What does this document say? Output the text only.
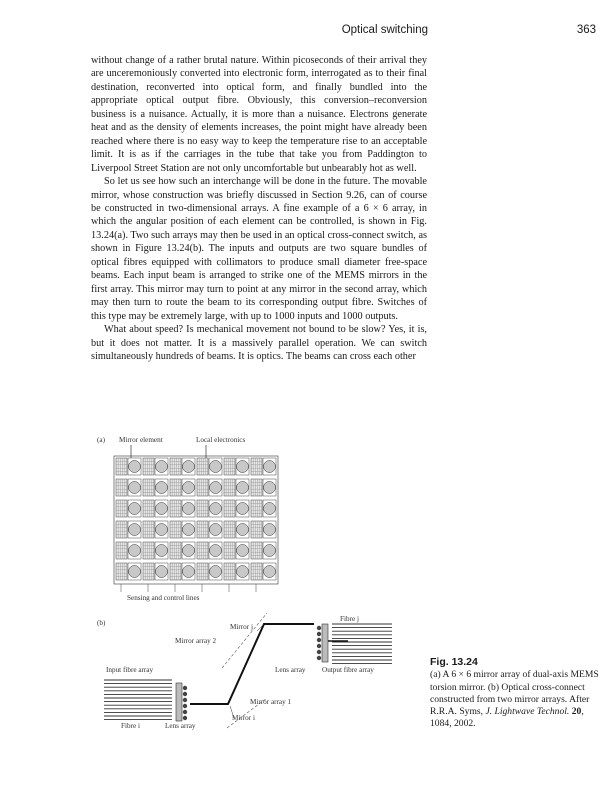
Optical switching	363

without change of a rather brutal nature. Within picoseconds of their arrival they are unceremoniously converted into electronic form, interrogated as to their final destination, reconverted into optical form, and finally bundled into the appropriate optical output fibre. Obviously, this conversion–reconversion business is a nuisance. Actually, it is more than a nuisance. Electrons generate heat and as the density of elements increases, the point might have already been reached where there is no easy way to keep the temperature rise to an acceptable limit. It is as if the carriages in the tube that take you from Paddington to Liverpool Street Station are not only uncomfortable but unbearably hot as well.

So let us see how such an interchange will be done in the future. The movable mirror, whose construction was briefly discussed in Section 9.26, can of course be constructed in two-dimensional arrays. A fine example of a 6 × 6 array, in which the angular position of each element can be controlled, is shown in Fig. 13.24(a). Two such arrays may then be used in an optical cross-connect switch, as shown in Figure 13.24(b). The inputs and outputs are two square bundles of optical fibres equipped with collimators to produce small diameter free-space beams. Each input beam is arranged to strike one of the MEMS mirrors in the first array. This mirror may turn to point at any mirror in the second array, which may then turn to route the beam to its corresponding output fibre. Switches of this type may be extremely large, with up to 1000 inputs and 1000 outputs.

What about speed? Is mechanical movement not bound to be slow? Yes, it is, but it does not matter. It is a massively parallel operation. We can switch simultaneously hundreds of beams. It is optics. The beams can cross each other

(a) Mirror element	Local electronics
Sensing and control lines
(b)	Mirror j
Fibre j
Mirror array 2
Input fibre array	Lens array Output fibre array
Mirror array 1
Mirror i
Fibre i	Lens array
Fig. 13.24
(a) A 6 × 6 mirror array of dual-axis MEMS torsion mirror. (b) Optical cross-connect constructed from two mirror arrays. After R.R.A. Syms, J. Lightwave Technol. 20, 1084, 2002.
